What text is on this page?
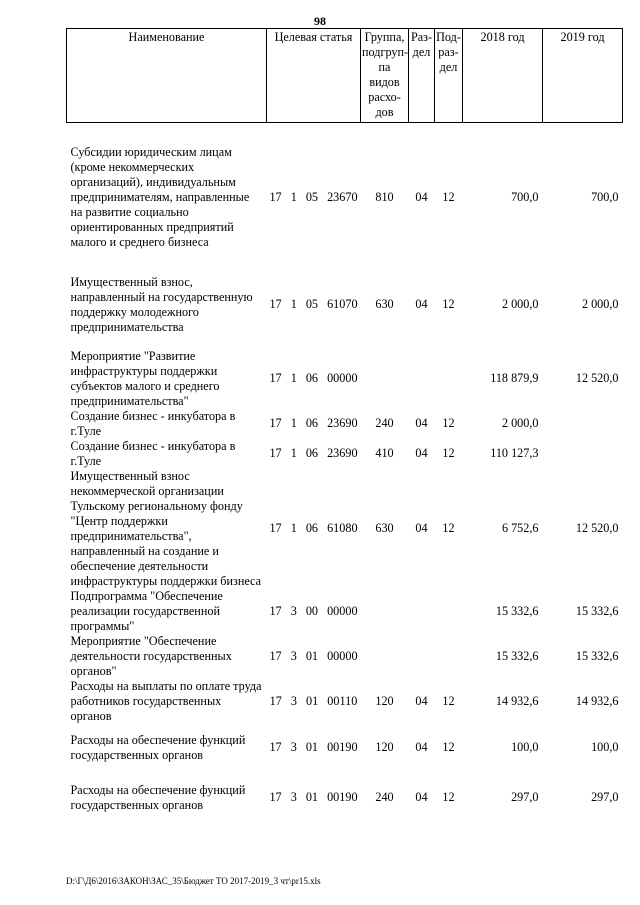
98
Наименование	Целевая статья	Группа, подгруп- па видов расхо- дов	Раз- дел	Под- раз- дел	2018 год	2019 год

Субсидии юридическим лицам (кроме некоммерческих организаций), индивидуальным предпринимателям, направленные на развитие социально ориентированных предприятий малого и среднего бизнеса	17 1 05 23670	810	04	12	700,0	700,0

Имущественный взнос, направленный на государственную поддержку молодежного предпринимательства	17 1 05 61070	630	04	12	2 000,0	2 000,0

Мероприятие "Развитие инфраструктуры поддержки субъектов малого и среднего предпринимательства"	17 1 06 00000				118 879,9	12 520,0
Создание бизнес - инкубатора в г.Туле	17 1 06 23690	240	04	12	2 000,0	
Создание бизнес - инкубатора в г.Туле	17 1 06 23690	410	04	12	110 127,3	
Имущественный взнос некоммерческой организации Тульскому региональному фонду "Центр поддержки предпринимательства", направленный на создание и обеспечение деятельности инфраструктуры поддержки бизнеса	17 1 06 61080	630	04	12	6 752,6	12 520,0
Подпрограмма "Обеспечение реализации государственной программы"	17 3 00 00000				15 332,6	15 332,6
Мероприятие "Обеспечение деятельности государственных органов"	17 3 01 00000				15 332,6	15 332,6
Расходы на выплаты по оплате труда работников государственных органов	17 3 01 00110	120	04	12	14 932,6	14 932,6

Расходы на обеспечение функций государственных органов	17 3 01 00190	120	04	12	100,0	100,0

Расходы на обеспечение функций государственных органов	17 3 01 00190	240	04	12	297,0	297,0
D:\Г\Д6\2016\ЗАКОН\ЗАС_35\Бюджет ТО 2017-2019_3 чт\pr15.xls
